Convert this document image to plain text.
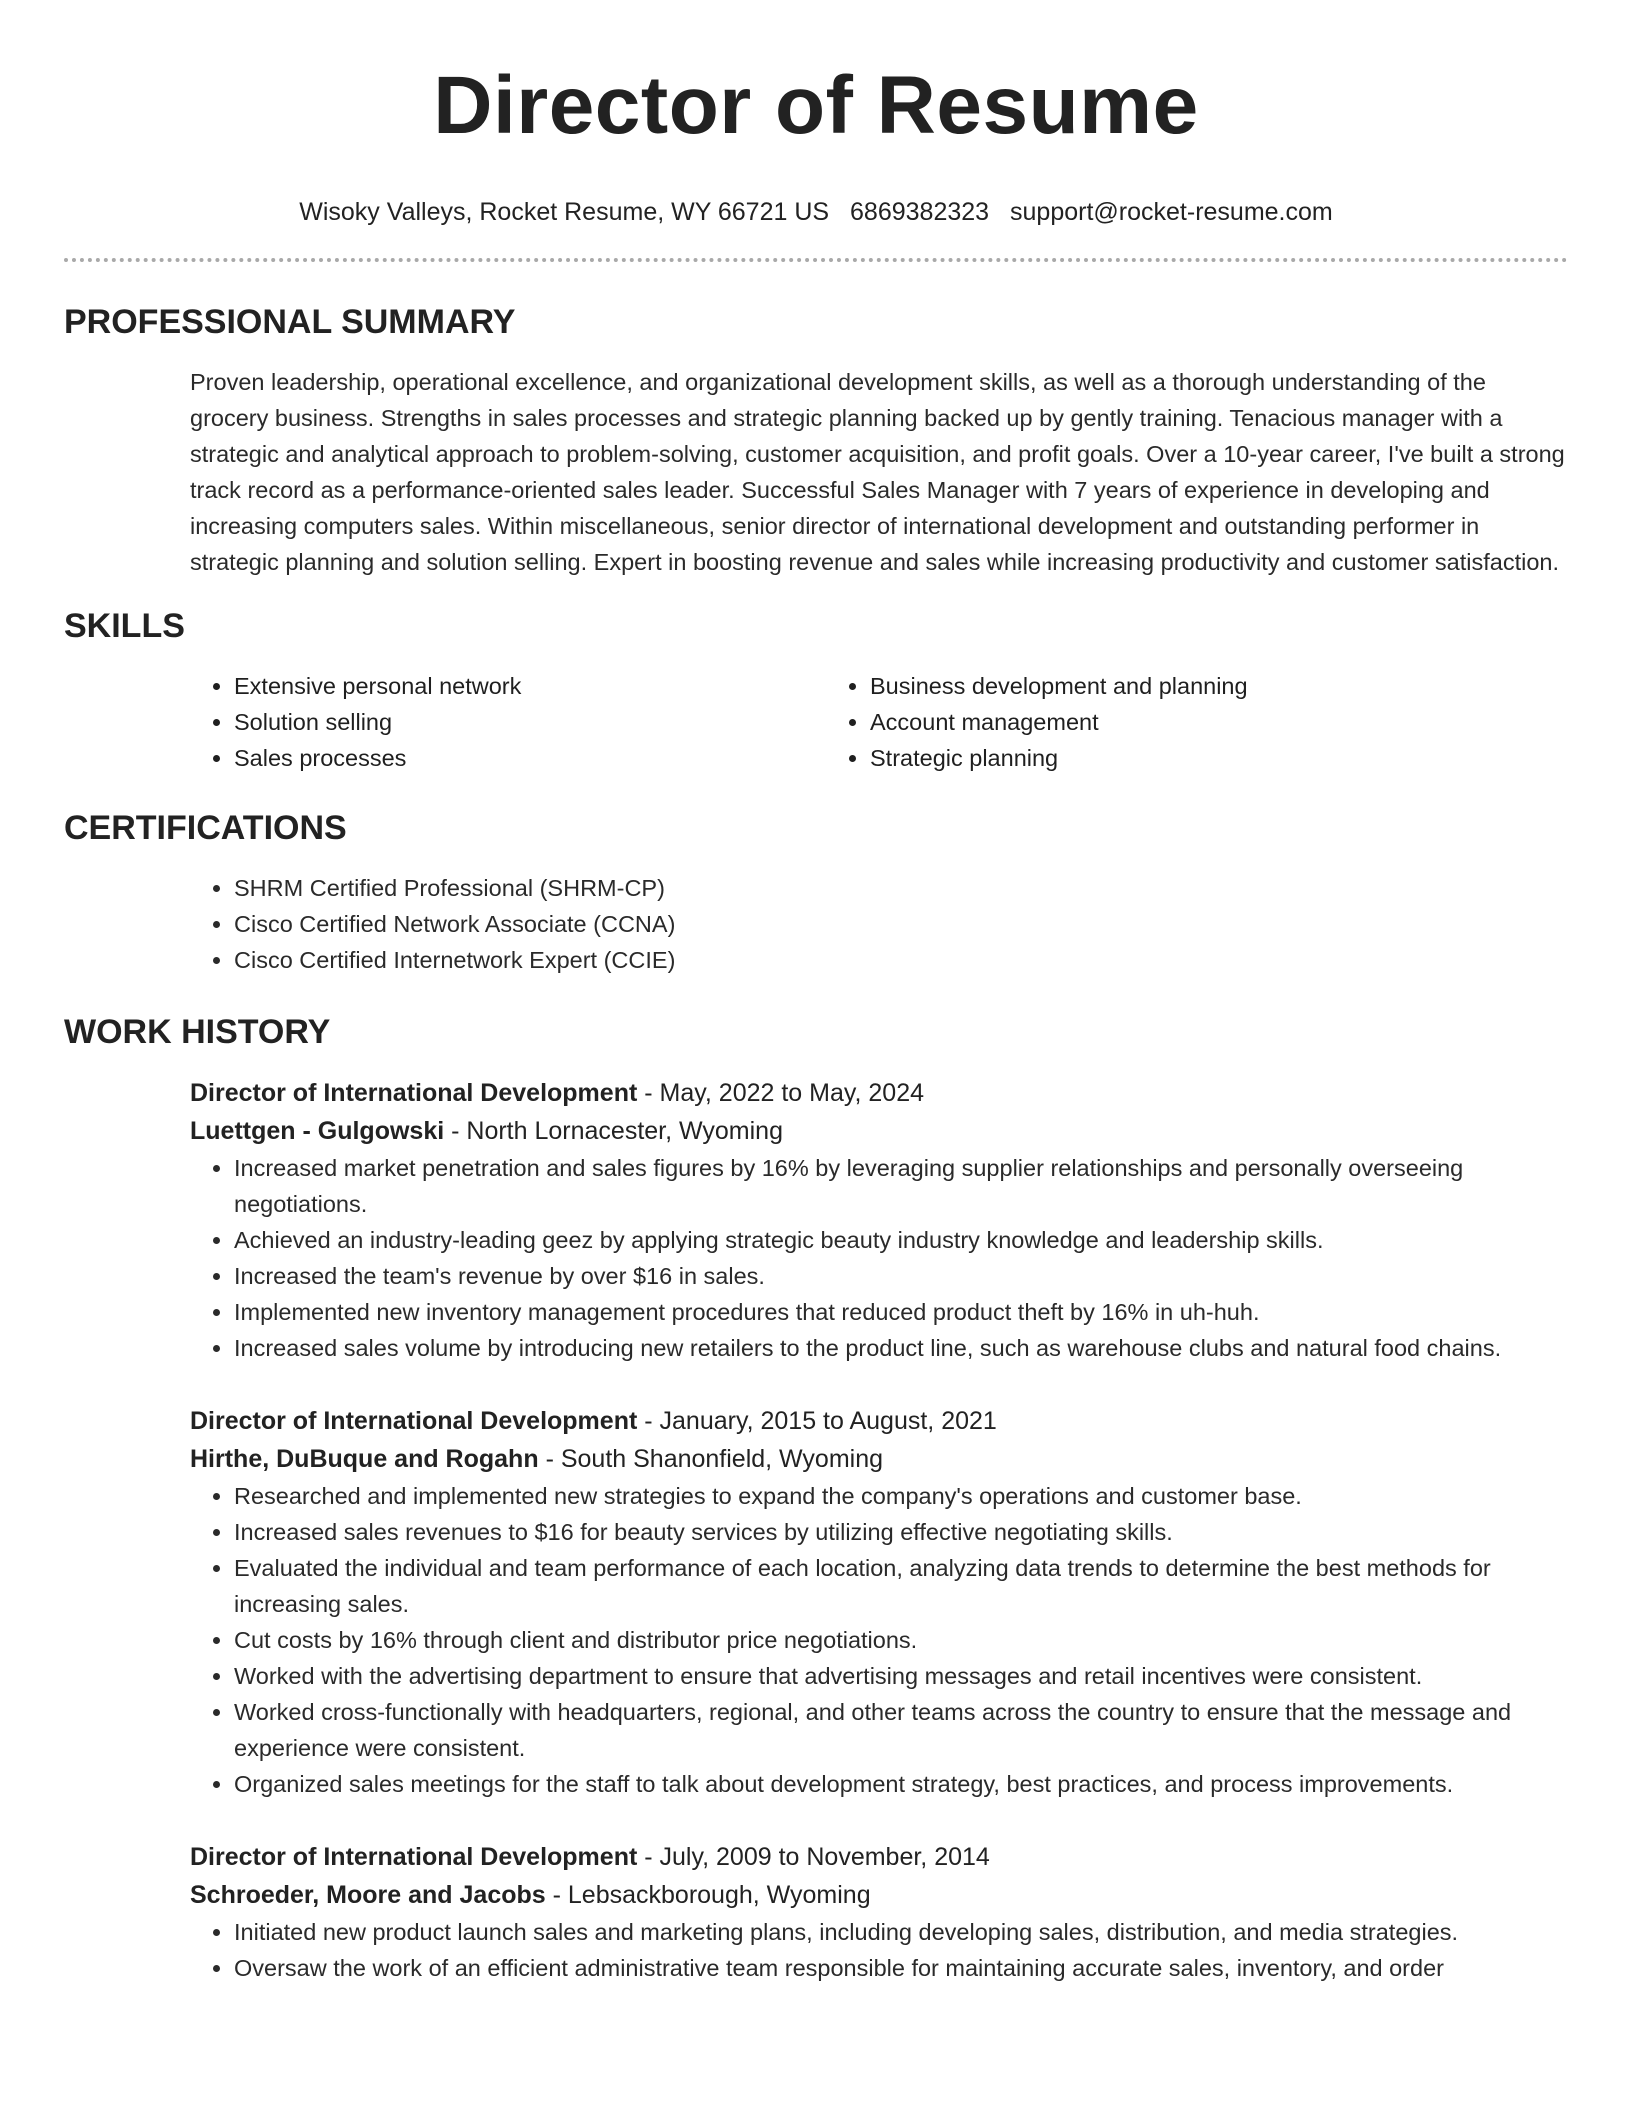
Director of Resume
Wisoky Valleys, Rocket Resume, WY 66721 US 6869382323 support@rocket-resume.com
PROFESSIONAL SUMMARY
Proven leadership, operational excellence, and organizational development skills, as well as a thorough understanding of the grocery business. Strengths in sales processes and strategic planning backed up by gently training. Tenacious manager with a strategic and analytical approach to problem-solving, customer acquisition, and profit goals. Over a 10-year career, I've built a strong track record as a performance-oriented sales leader. Successful Sales Manager with 7 years of experience in developing and increasing computers sales. Within miscellaneous, senior director of international development and outstanding performer in strategic planning and solution selling. Expert in boosting revenue and sales while increasing productivity and customer satisfaction.
SKILLS
• Extensive personal network
• Solution selling
• Sales processes
• Business development and planning
• Account management
• Strategic planning
CERTIFICATIONS
• SHRM Certified Professional (SHRM-CP)
• Cisco Certified Network Associate (CCNA)
• Cisco Certified Internetwork Expert (CCIE)
WORK HISTORY
Director of International Development - May, 2022 to May, 2024
Luettgen - Gulgowski - North Lornacester, Wyoming
• Increased market penetration and sales figures by 16% by leveraging supplier relationships and personally overseeing negotiations.
• Achieved an industry-leading geez by applying strategic beauty industry knowledge and leadership skills.
• Increased the team's revenue by over $16 in sales.
• Implemented new inventory management procedures that reduced product theft by 16% in uh-huh.
• Increased sales volume by introducing new retailers to the product line, such as warehouse clubs and natural food chains.
Director of International Development - January, 2015 to August, 2021
Hirthe, DuBuque and Rogahn - South Shanonfield, Wyoming
• Researched and implemented new strategies to expand the company's operations and customer base.
• Increased sales revenues to $16 for beauty services by utilizing effective negotiating skills.
• Evaluated the individual and team performance of each location, analyzing data trends to determine the best methods for increasing sales.
• Cut costs by 16% through client and distributor price negotiations.
• Worked with the advertising department to ensure that advertising messages and retail incentives were consistent.
• Worked cross-functionally with headquarters, regional, and other teams across the country to ensure that the message and experience were consistent.
• Organized sales meetings for the staff to talk about development strategy, best practices, and process improvements.
Director of International Development - July, 2009 to November, 2014
Schroeder, Moore and Jacobs - Lebsackborough, Wyoming
• Initiated new product launch sales and marketing plans, including developing sales, distribution, and media strategies.
• Oversaw the work of an efficient administrative team responsible for maintaining accurate sales, inventory, and order
